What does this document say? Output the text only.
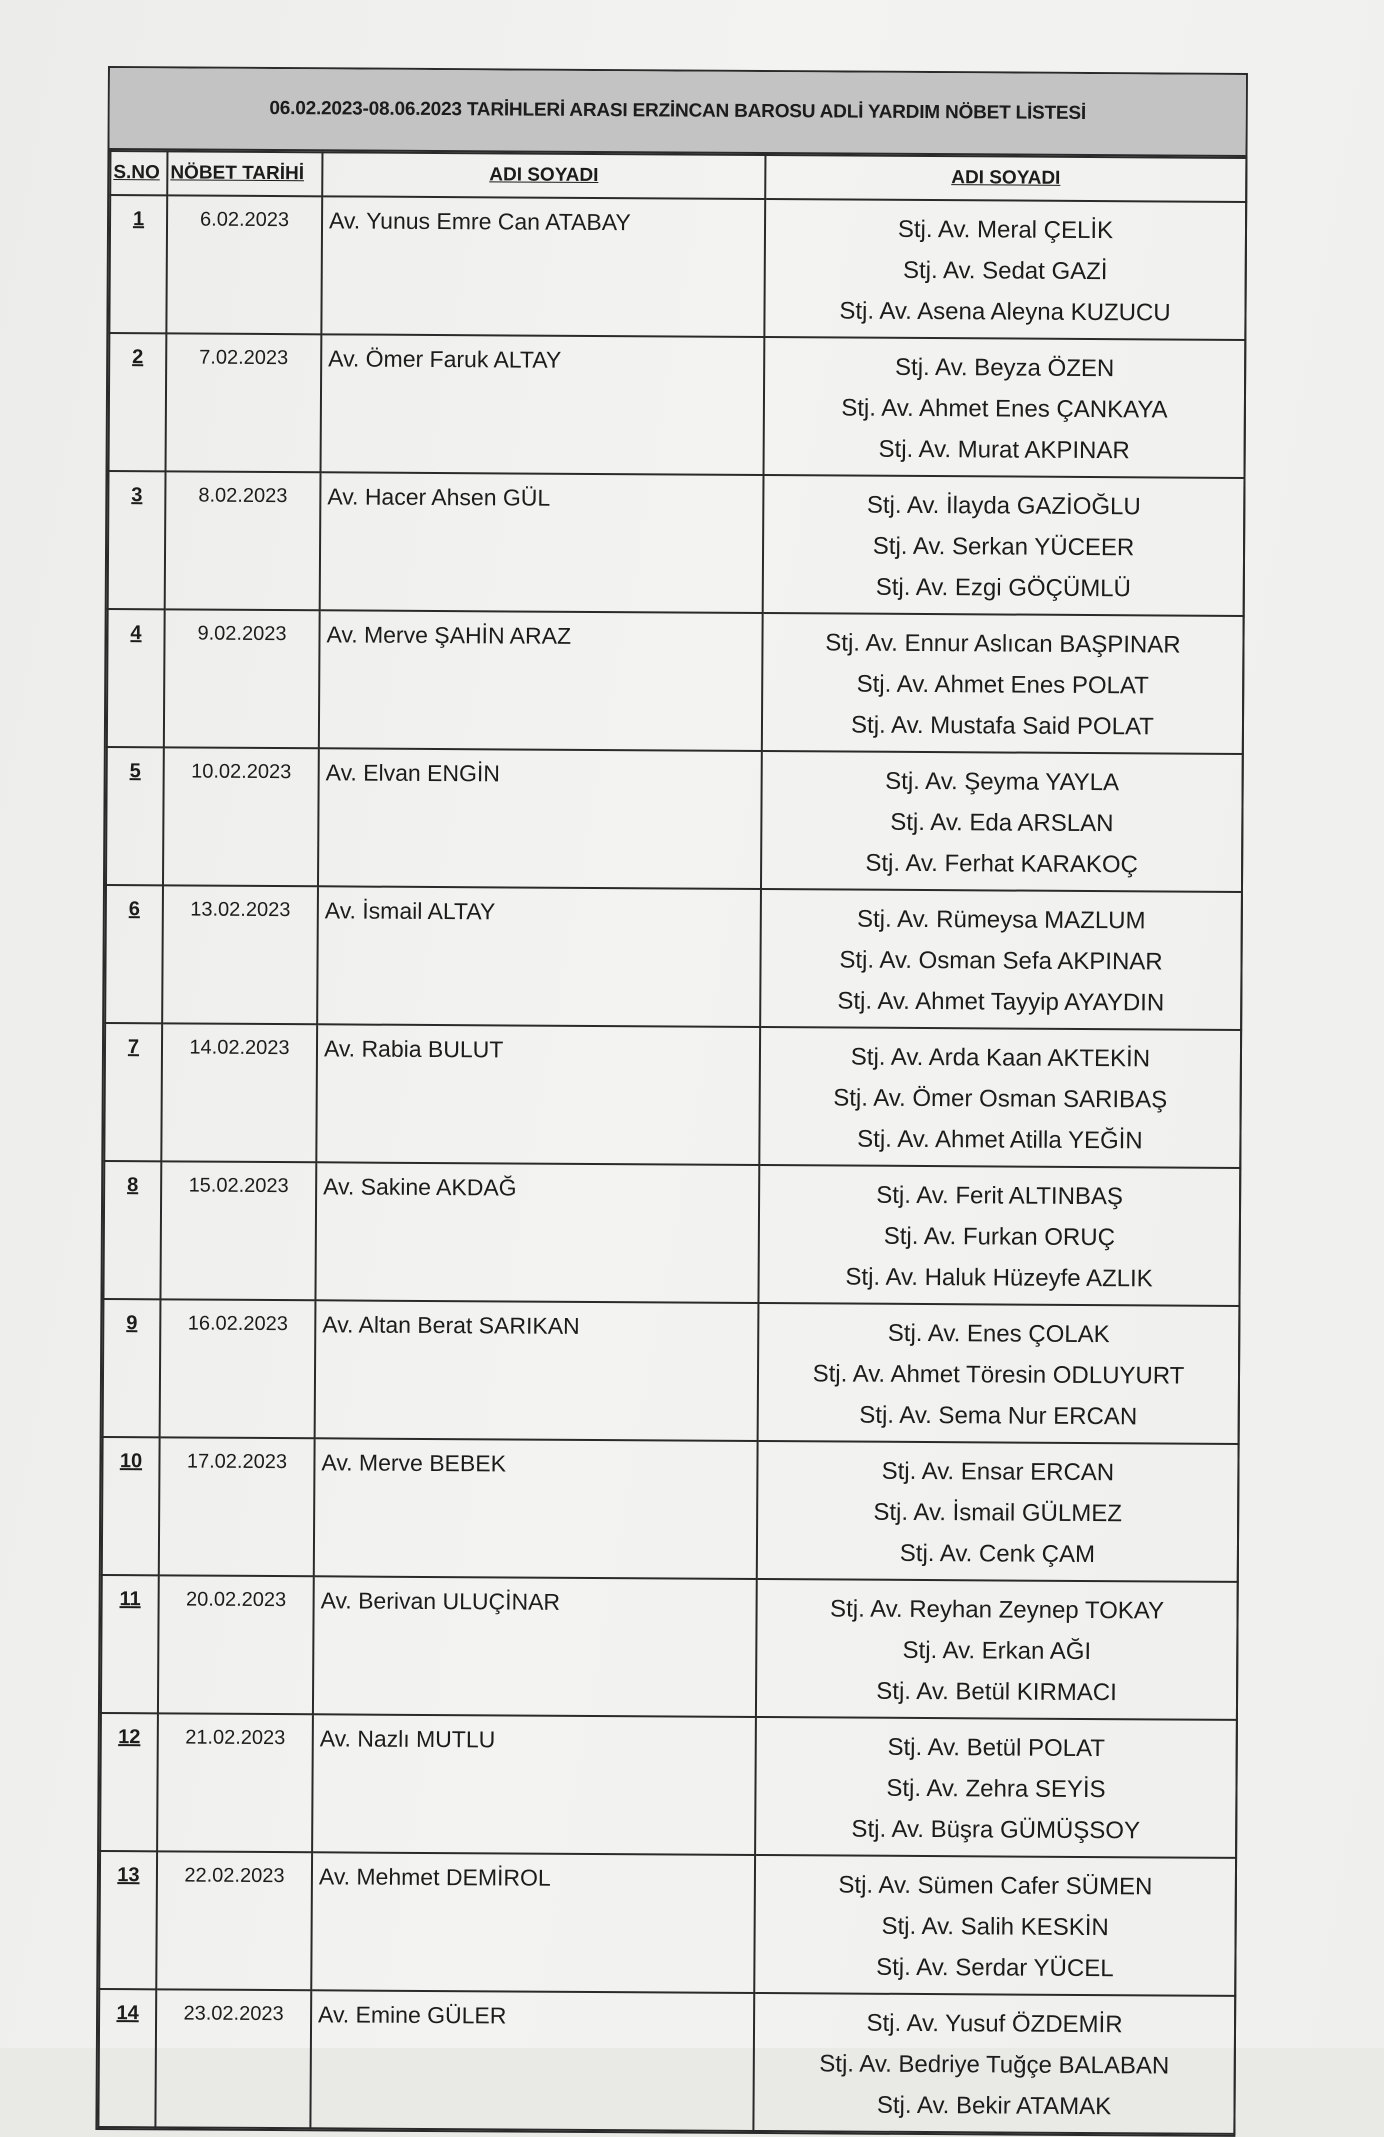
06.02.2023-08.06.2023 TARİHLERİ ARASI ERZİNCAN BAROSU ADLİ YARDIM NÖBET LİSTESİ
S.NO	NÖBET TARİHİ	ADI SOYADI	ADI SOYADI
1	6.02.2023	Av. Yunus Emre Can ATABAY	Stj. Av. Meral ÇELİK
Stj. Av. Sedat GAZİ
Stj. Av. Asena Aleyna KUZUCU

2	7.02.2023	Av. Ömer Faruk ALTAY	Stj. Av. Beyza ÖZEN
Stj. Av. Ahmet Enes ÇANKAYA
Stj. Av. Murat AKPINAR

3	8.02.2023	Av. Hacer Ahsen GÜL	Stj. Av. İlayda GAZİOĞLU
Stj. Av. Serkan YÜCEER
Stj. Av. Ezgi GÖÇÜMLÜ

4	9.02.2023	Av. Merve ŞAHİN ARAZ	Stj. Av. Ennur Aslıcan BAŞPINAR
Stj. Av. Ahmet Enes POLAT
Stj. Av. Mustafa Said POLAT

5	10.02.2023	Av. Elvan ENGİN	Stj. Av. Şeyma YAYLA
Stj. Av. Eda ARSLAN
Stj. Av. Ferhat KARAKOÇ

6	13.02.2023	Av. İsmail ALTAY	Stj. Av. Rümeysa MAZLUM
Stj. Av. Osman Sefa AKPINAR
Stj. Av. Ahmet Tayyip AYAYDIN

7	14.02.2023	Av. Rabia BULUT	Stj. Av. Arda Kaan AKTEKİN
Stj. Av. Ömer Osman SARIBAŞ
Stj. Av. Ahmet Atilla YEĞİN

8	15.02.2023	Av. Sakine AKDAĞ	Stj. Av. Ferit ALTINBAŞ
Stj. Av. Furkan ORUÇ
Stj. Av. Haluk Hüzeyfe AZLIK

9	16.02.2023	Av. Altan Berat SARIKAN	Stj. Av. Enes ÇOLAK
Stj. Av. Ahmet Töresin ODLUYURT
Stj. Av. Sema Nur ERCAN

10	17.02.2023	Av. Merve BEBEK	Stj. Av. Ensar ERCAN
Stj. Av. İsmail GÜLMEZ
Stj. Av. Cenk ÇAM

11	20.02.2023	Av. Berivan ULUÇİNAR	Stj. Av. Reyhan Zeynep TOKAY
Stj. Av. Erkan AĞI
Stj. Av. Betül KIRMACI

12	21.02.2023	Av. Nazlı MUTLU	Stj. Av. Betül POLAT
Stj. Av. Zehra SEYİS
Stj. Av. Büşra GÜMÜŞSOY

13	22.02.2023	Av. Mehmet DEMİROL	Stj. Av. Sümen Cafer SÜMEN
Stj. Av. Salih KESKİN
Stj. Av. Serdar YÜCEL

14	23.02.2023	Av. Emine GÜLER	Stj. Av. Yusuf ÖZDEMİR
Stj. Av. Bedriye Tuğçe BALABAN
Stj. Av. Bekir ATAMAK
